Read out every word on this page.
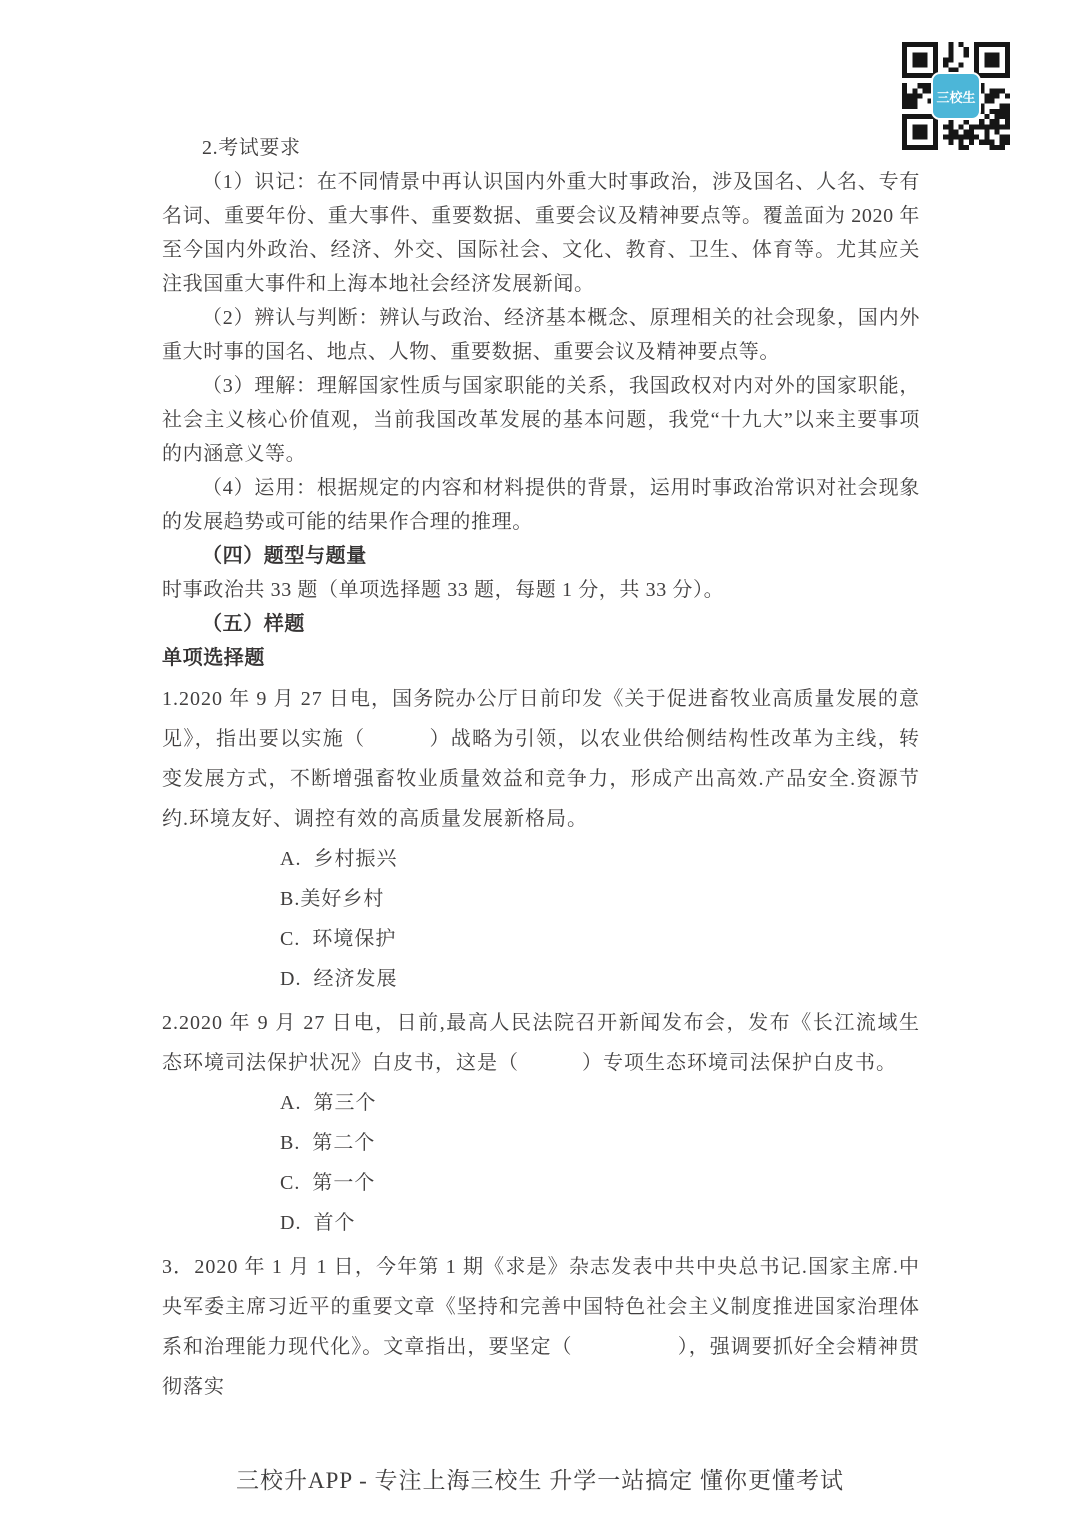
三校生

2.考试要求

（1）识记：在不同情景中再认识国内外重大时事政治，涉及国名、人名、专有名词、重要年份、重大事件、重要数据、重要会议及精神要点等。覆盖面为 2020 年至今国内外政治、经济、外交、国际社会、文化、教育、卫生、体育等。尤其应关注我国重大事件和上海本地社会经济发展新闻。

（2）辨认与判断：辨认与政治、经济基本概念、原理相关的社会现象，国内外重大时事的国名、地点、人物、重要数据、重要会议及精神要点等。

（3）理解：理解国家性质与国家职能的关系，我国政权对内对外的国家职能，社会主义核心价值观，当前我国改革发展的基本问题，我党“十九大”以来主要事项的内涵意义等。

（4）运用：根据规定的内容和材料提供的背景，运用时事政治常识对社会现象的发展趋势或可能的结果作合理的推理。

（四）题型与题量

时事政治共 33 题（单项选择题 33 题，每题 1 分，共 33 分）。

（五）样题

单项选择题

1.2020 年 9 月 27 日电，国务院办公厅日前印发《关于促进畜牧业高质量发展的意见》，指出要以实施（　　　）战略为引领，以农业供给侧结构性改革为主线，转变发展方式，不断增强畜牧业质量效益和竞争力，形成产出高效.产品安全.资源节约.环境友好、调控有效的高质量发展新格局。

A.  乡村振兴

B.美好乡村

C.  环境保护

D.  经济发展

2.2020 年 9 月 27 日电，日前,最高人民法院召开新闻发布会，发布《长江流域生态环境司法保护状况》白皮书，这是（　　　）专项生态环境司法保护白皮书。

A.  第三个

B.  第二个

C.  第一个

D.  首个

3．2020 年 1 月 1 日，今年第 1 期《求是》杂志发表中共中央总书记.国家主席.中央军委主席习近平的重要文章《坚持和完善中国特色社会主义制度推进国家治理体系和治理能力现代化》。文章指出，要坚定（　　　　　），强调要抓好全会精神贯彻落实

三校升APP - 专注上海三校生 升学一站搞定 懂你更懂考试
